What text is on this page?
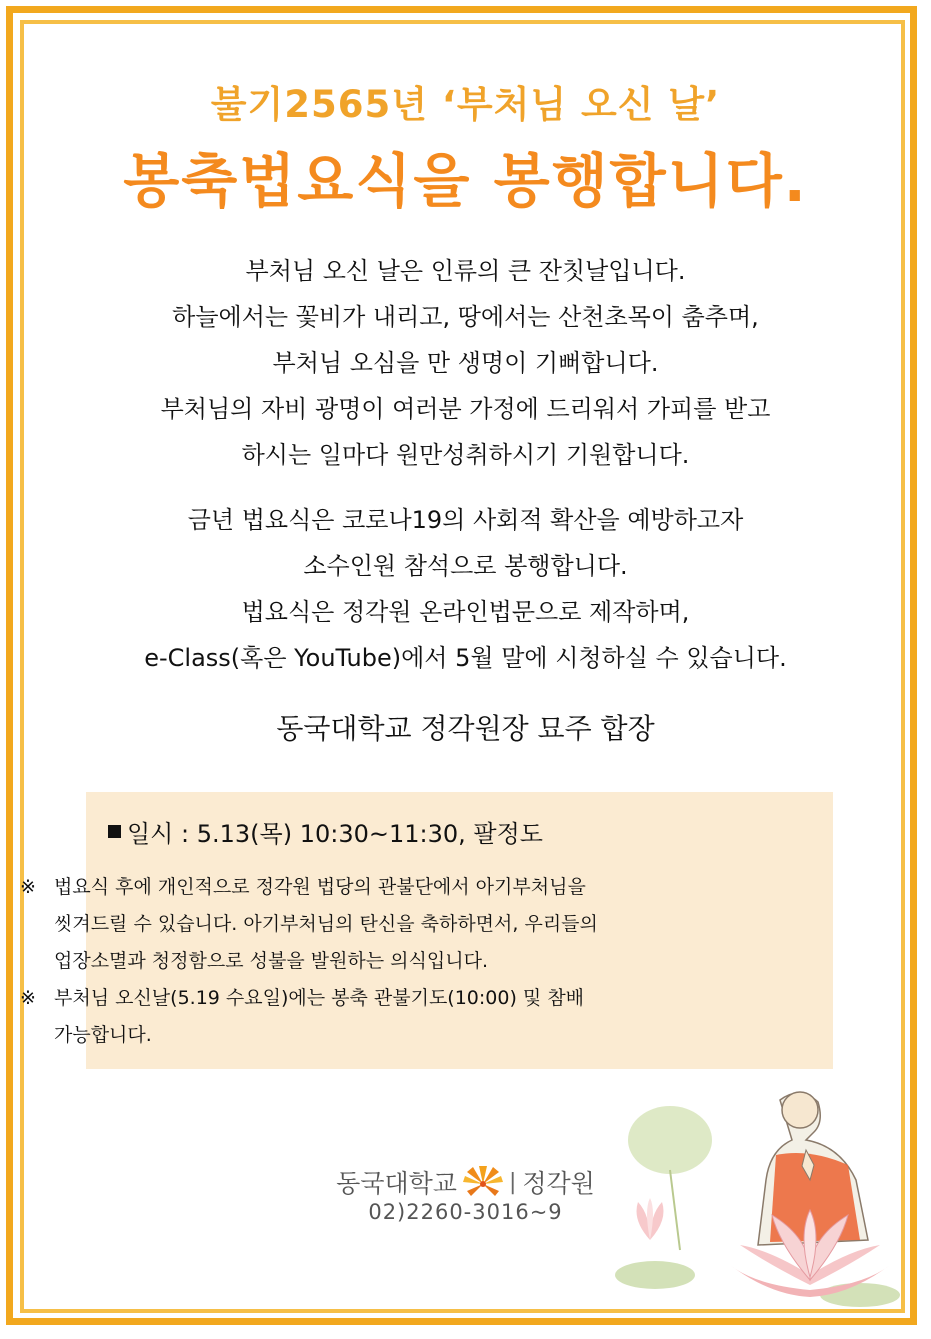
불기2565년 ‘부처님 오신 날’
봉축법요식을 봉행합니다.
부처님 오신 날은 인류의 큰 잔칫날입니다.
하늘에서는 꽃비가 내리고, 땅에서는 산천초목이 춤추며,
부처님 오심을 만 생명이 기뻐합니다.
부처님의 자비 광명이 여러분 가정에 드리워서 가피를 받고
하시는 일마다 원만성취하시기 기원합니다.
금년 법요식은 코로나19의 사회적 확산을 예방하고자
소수인원 참석으로 봉행합니다.
법요식은 정각원 온라인법문으로 제작하며,
e-Class(혹은 YouTube)에서 5월 말에 시청하실 수 있습니다.
동국대학교 정각원장 묘주 합장
일시 : 5.13(목) 10:30~11:30, 팔정도
※ 법요식 후에 개인적으로 정각원 법당의 관불단에서 아기부처님을
씻겨드릴 수 있습니다. 아기부처님의 탄신을 축하하면서, 우리들의
업장소멸과 청정함으로 성불을 발원하는 의식입니다.
※ 부처님 오신날(5.19 수요일)에는 봉축 관불기도(10:00) 및 참배
가능합니다.
동국대학교 | 정각원
02)2260-3016~9
